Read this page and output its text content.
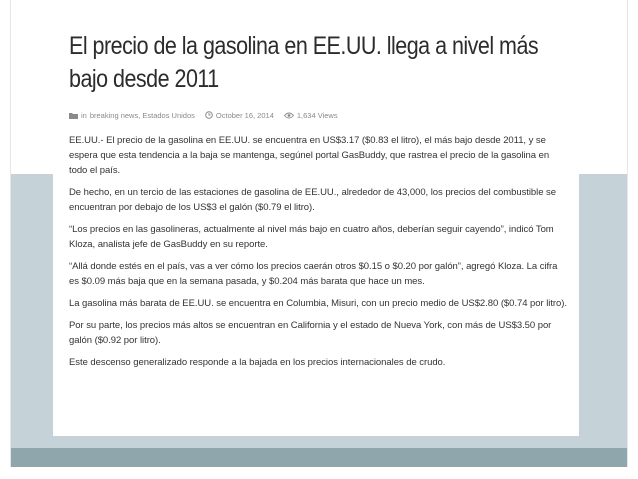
El precio de la gasolina en EE.UU. llega a nivel más bajo desde 2011
in breaking news, Estados Unidos	October 16, 2014	1,634 Views

EE.UU.- El precio de la gasolina en EE.UU. se encuentra en US$3.17 ($0.83 el litro), el más bajo desde 2011, y se espera que esta tendencia a la baja se mantenga, segúnel portal GasBuddy, que rastrea el precio de la gasolina en todo el país.

De hecho, en un tercio de las estaciones de gasolina de EE.UU., alrededor de 43,000, los precios del combustible se encuentran por debajo de los US$3 el galón ($0.79 el litro).

“Los precios en las gasolineras, actualmente al nivel más bajo en cuatro años, deberían seguir cayendo”, indicó Tom Kloza, analista jefe de GasBuddy en su reporte.

“Allá donde estés en el país, vas a ver cómo los precios caerán otros $0.15 o $0.20 por galón”, agregó Kloza. La cifra es $0.09 más baja que en la semana pasada, y $0.204 más barata que hace un mes.

La gasolina más barata de EE.UU. se encuentra en Columbia, Misuri, con un precio medio de US$2.80 ($0.74 por litro).

Por su parte, los precios más altos se encuentran en California y el estado de Nueva York, con más de US$3.50 por galón ($0.92 por litro).

Este descenso generalizado responde a la bajada en los precios internacionales de crudo.
